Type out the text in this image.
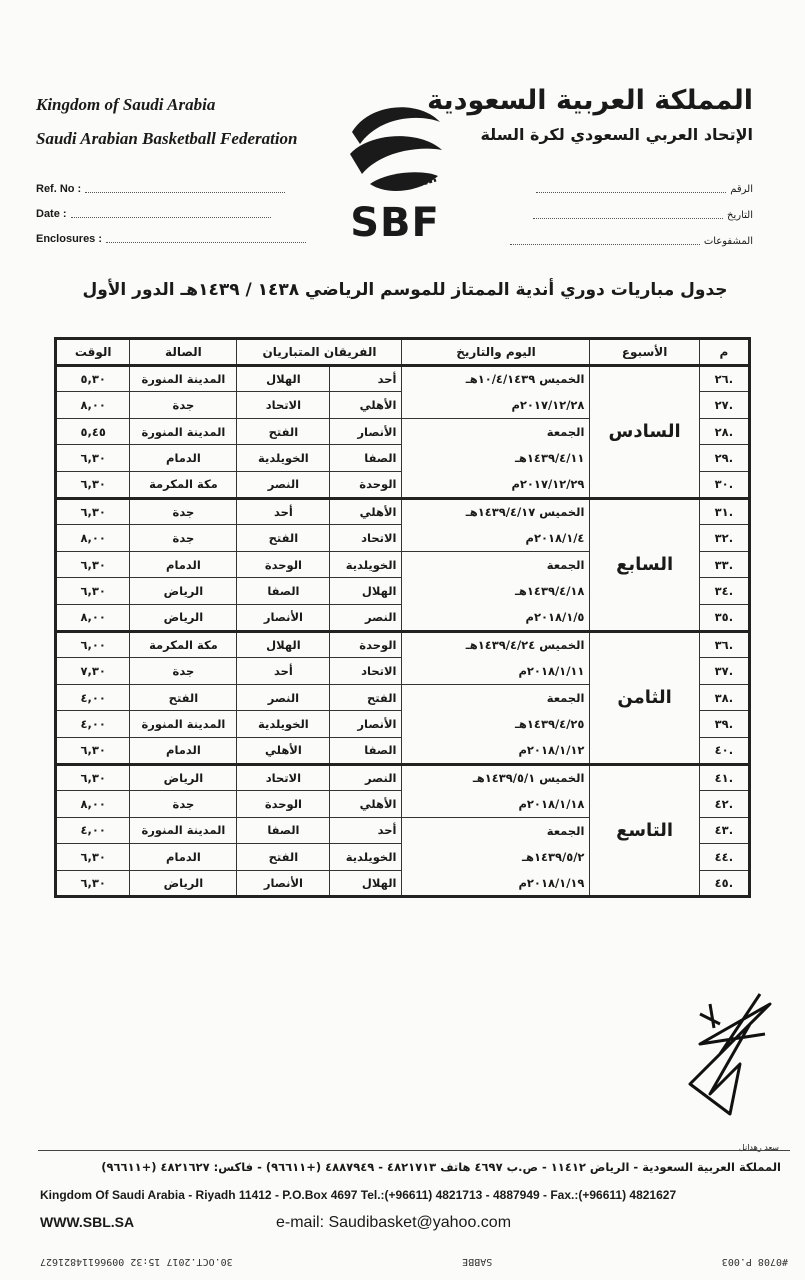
Kingdom of Saudi Arabia
Saudi Arabian Basketball Federation
Ref. No :
Date :
Enclosures :	SBF
المملكة العربية السعودية
الإتحاد العربي السعودي لكرة السلة
الرقم
التاريخ
المشفوعات
جدول مباريات دوري أندية الممتاز للموسم الرياضي ١٤٣٨ / ١٤٣٩هـ الدور الأول
م	الأسبوع	اليوم والتاريخ	الفريقان المتباريان		الصالة	الوقت
.٢٦	السادس	الخميس ١٠/٤/١٤٣٩هـ	أحد	الهلال	المدينة المنورة	٥,٣٠
.٢٧		٢٠١٧/١٢/٢٨م	الأهلي	الاتحاد	جدة	٨,٠٠
.٢٨		الجمعة	الأنصار	الفتح	المدينة المنورة	٥,٤٥
.٢٩		١٤٣٩/٤/١١هـ	الصفا	الخويلدية	الدمام	٦,٣٠
.٣٠		٢٠١٧/١٢/٢٩م	الوحدة	النصر	مكة المكرمة	٦,٣٠
.٣١	السابع	الخميس ١٤٣٩/٤/١٧هـ	الأهلي	أحد	جدة	٦,٣٠
.٣٢		٢٠١٨/١/٤م	الاتحاد	الفتح	جدة	٨,٠٠
.٣٣		الجمعة	الخويلدية	الوحدة	الدمام	٦,٣٠
.٣٤		١٤٣٩/٤/١٨هـ	الهلال	الصفا	الرياض	٦,٣٠
.٣٥		٢٠١٨/١/٥م	النصر	الأنصار	الرياض	٨,٠٠
.٣٦	الثامن	الخميس ١٤٣٩/٤/٢٤هـ	الوحدة	الهلال	مكة المكرمة	٦,٠٠
.٣٧		٢٠١٨/١/١١م	الاتحاد	أحد	جدة	٧,٣٠
.٣٨		الجمعة	الفتح	النصر	الفتح	٤,٠٠
.٣٩		١٤٣٩/٤/٢٥هـ	الأنصار	الخويلدية	المدينة المنورة	٤,٠٠
.٤٠		٢٠١٨/١/١٢م	الصفا	الأهلي	الدمام	٦,٣٠
.٤١	التاسع	الخميس ١٤٣٩/٥/١هـ	النصر	الاتحاد	الرياض	٦,٣٠
.٤٢		٢٠١٨/١/١٨م	الأهلي	الوحدة	جدة	٨,٠٠
.٤٣		الجمعة	أحد	الصفا	المدينة المنورة	٤,٠٠
.٤٤		١٤٣٩/٥/٢هـ	الخويلدية	الفتح	الدمام	٦,٣٠
.٤٥		٢٠١٨/١/١٩م	الهلال	الأنصار	الرياض	٦,٣٠
سعد رهدانل
المملكة العربية السعودية - الرياض ١١٤١٢ - ص.ب ٤٦٩٧ هاتف ٤٨٢١٧١٣ - ٤٨٨٧٩٤٩ (+٩٦٦١١) - فاكس: ٤٨٢١٦٢٧ (+٩٦٦١١)
Kingdom Of Saudi Arabia - Riyadh 11412 - P.O.Box 4697 Tel.:(+96611) 4821713 - 4887949 - Fax.:(+96611) 4821627
WWW.SBL.SA	e-mail: Saudibasket@yahoo.com
#0708 P.003
SABBE
30.OCT.2017 15:32 00966114821627
